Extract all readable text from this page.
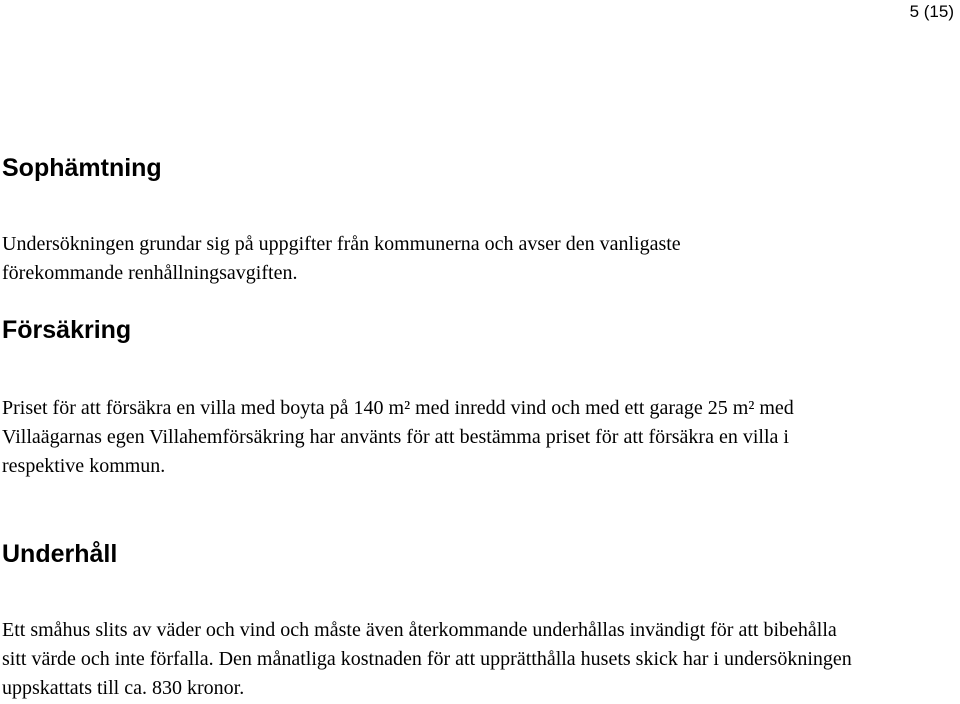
5 (15)
Sophämtning

Undersökningen grundar sig på uppgifter från kommunerna och avser den vanligaste förekommande renhållningsavgiften.

Försäkring

Priset för att försäkra en villa med boyta på 140 m² med inredd vind och med ett garage 25 m² med Villaägarnas egen Villahemförsäkring har använts för att bestämma priset för att försäkra en villa i respektive kommun.

Underhåll

Ett småhus slits av väder och vind och måste även återkommande underhållas invändigt för att bibehålla sitt värde och inte förfalla. Den månatliga kostnaden för att upprätthålla husets skick har i undersökningen uppskattats till ca. 830 kronor.
